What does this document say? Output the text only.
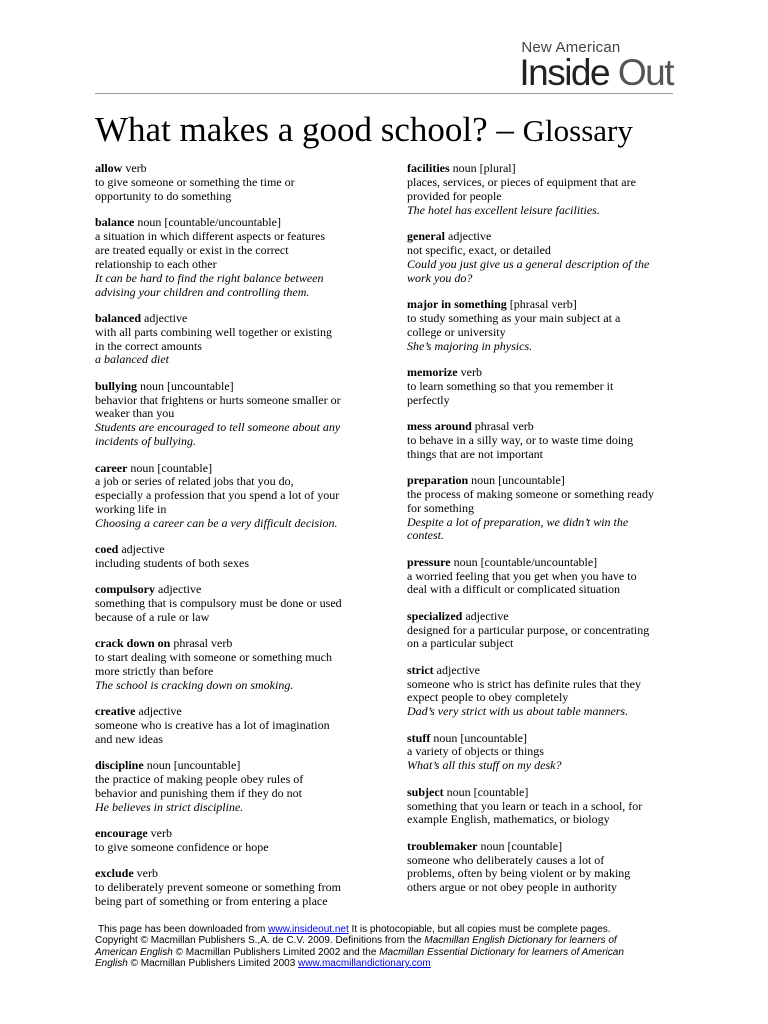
New American
Inside Out
What makes a good school? – Glossary
allow verb
to give someone or something the time or
opportunity to do something
balance noun [countable/uncountable]
a situation in which different aspects or features
are treated equally or exist in the correct
relationship to each other
It can be hard to find the right balance between
advising your children and controlling them.
balanced adjective
with all parts combining well together or existing
in the correct amounts
a balanced diet
bullying noun [uncountable]
behavior that frightens or hurts someone smaller or
weaker than you
Students are encouraged to tell someone about any
incidents of bullying.
career noun [countable]
a job or series of related jobs that you do,
especially a profession that you spend a lot of your
working life in
Choosing a career can be a very difficult decision.
coed adjective
including students of both sexes
compulsory adjective
something that is compulsory must be done or used
because of a rule or law
crack down on phrasal verb
to start dealing with someone or something much
more strictly than before
The school is cracking down on smoking.
creative adjective
someone who is creative has a lot of imagination
and new ideas
discipline noun [uncountable]
the practice of making people obey rules of
behavior and punishing them if they do not
He believes in strict discipline.
encourage verb
to give someone confidence or hope
exclude verb
to deliberately prevent someone or something from
being part of something or from entering a place
facilities noun [plural]
places, services, or pieces of equipment that are
provided for people
The hotel has excellent leisure facilities.
general adjective
not specific, exact, or detailed
Could you just give us a general description of the
work you do?
major in something [phrasal verb]
to study something as your main subject at a
college or university
She’s majoring in physics.
memorize verb
to learn something so that you remember it
perfectly
mess around phrasal verb
to behave in a silly way, or to waste time doing
things that are not important
preparation noun [uncountable]
the process of making someone or something ready
for something
Despite a lot of preparation, we didn’t win the
contest.
pressure noun [countable/uncountable]
a worried feeling that you get when you have to
deal with a difficult or complicated situation
specialized adjective
designed for a particular purpose, or concentrating
on a particular subject
strict adjective
someone who is strict has definite rules that they
expect people to obey completely
Dad’s very strict with us about table manners.
stuff noun [uncountable]
a variety of objects or things
What’s all this stuff on my desk?
subject noun [countable]
something that you learn or teach in a school, for
example English, mathematics, or biology
troublemaker noun [countable]
someone who deliberately causes a lot of
problems, often by being violent or by making
others argue or not obey people in authority
This page has been downloaded from www.insideout.net It is photocopiable, but all copies must be complete pages.
Copyright © Macmillan Publishers S.,A. de C.V. 2009. Definitions from the Macmillan English Dictionary for learners of
American English © Macmillan Publishers Limited 2002 and the Macmillan Essential Dictionary for learners of American
English © Macmillan Publishers Limited 2003 www.macmillandictionary.com
